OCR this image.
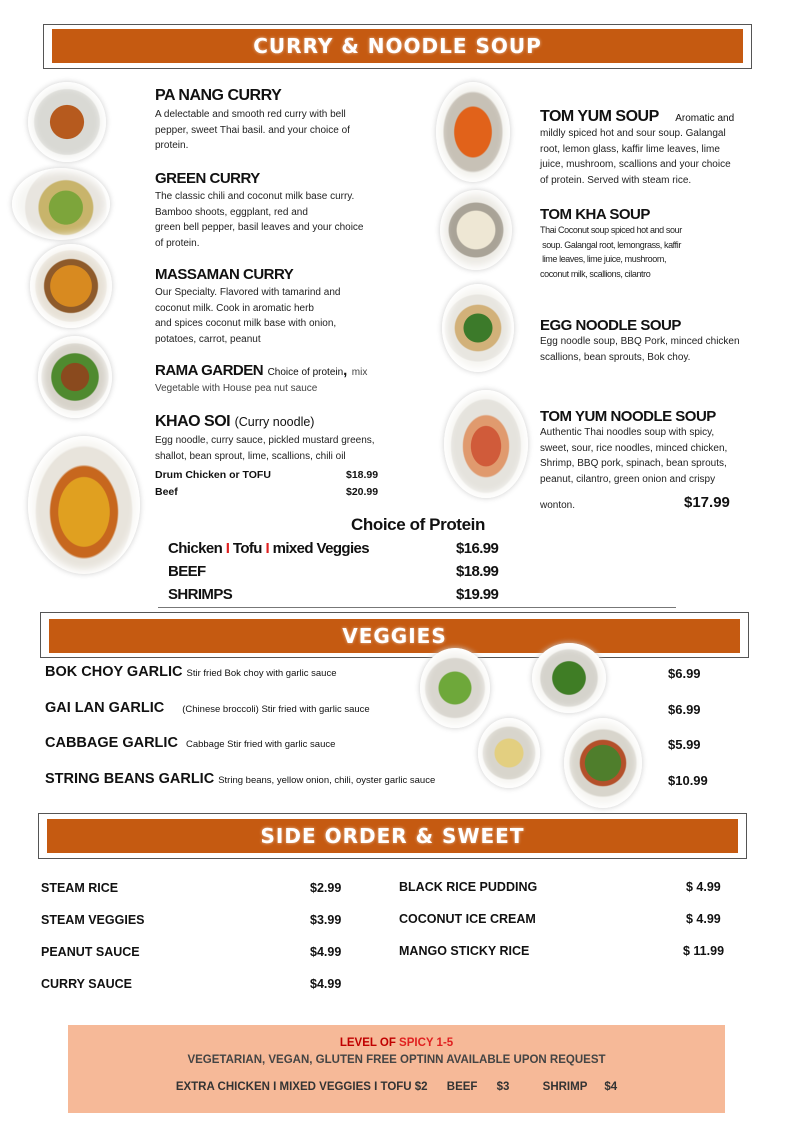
CURRY & NOODLE SOUP
PA NANG CURRY
A delectable and smooth red curry with bell
pepper, sweet Thai basil. and your choice of
protein.
GREEN CURRY
The classic chili and coconut milk base curry.
Bamboo shoots, eggplant, red and
green bell pepper, basil leaves and your choice
of protein.
MASSAMAN CURRY
Our Specialty. Flavored with tamarind and
coconut milk. Cook in aromatic herb
and spices coconut milk base with onion,
potatoes, carrot, peanut
RAMA GARDEN Choice of protein, mix
Vegetable with House pea nut sauce
KHAO SOI (Curry noodle)
Egg noodle, curry sauce, pickled mustard greens,
shallot, bean sprout, lime, scallions, chili oil
Drum Chicken or TOFU	$18.99
Beef	$20.99
TOM YUM SOUP Aromatic and
mildly spiced hot and sour soup. Galangal
root, lemon glass, kaffir lime leaves, lime
juice, mushroom, scallions and your choice
of protein. Served with steam rice.
TOM KHA SOUP
Thai Coconut soup spiced hot and sour
soup. Galangal root, lemongrass, kaffir
lime leaves, lime juice, mushroom,
coconut milk, scallions, cilantro
EGG NOODLE SOUP
Egg noodle soup, BBQ Pork, minced chicken
scallions, bean sprouts, Bok choy.
TOM YUM NOODLE SOUP
Authentic Thai noodles soup with spicy,
sweet, sour, rice noodles, minced chicken,
Shrimp, BBQ pork, spinach, bean sprouts,
peanut, cilantro, green onion and crispy
wonton.	$17.99
Choice of Protein
Chicken I Tofu I mixed Veggies	$16.99
BEEF	$18.99
SHRIMPS	$19.99
VEGGIES
BOK CHOY GARLIC Stir fried Bok choy with garlic sauce	$6.99
GAI LAN GARLIC (Chinese broccoli) Stir fried with garlic sauce	$6.99
CABBAGE GARLIC Cabbage Stir fried with garlic sauce	$5.99
STRING BEANS GARLIC String beans, yellow onion, chili, oyster garlic sauce	$10.99
SIDE ORDER & SWEET
STEAM RICE	$2.99
STEAM VEGGIES	$3.99
PEANUT SAUCE	$4.99
CURRY SAUCE	$4.99
BLACK RICE PUDDING	$ 4.99
COCONUT ICE CREAM	$ 4.99
MANGO STICKY RICE	$ 11.99
LEVEL OF SPICY 1-5
VEGETARIAN, VEGAN, GLUTEN FREE OPTINN AVAILABLE UPON REQUEST
EXTRA CHICKEN I MIXED VEGGIES I TOFU $2 BEEF $3	SHRIMP $4
